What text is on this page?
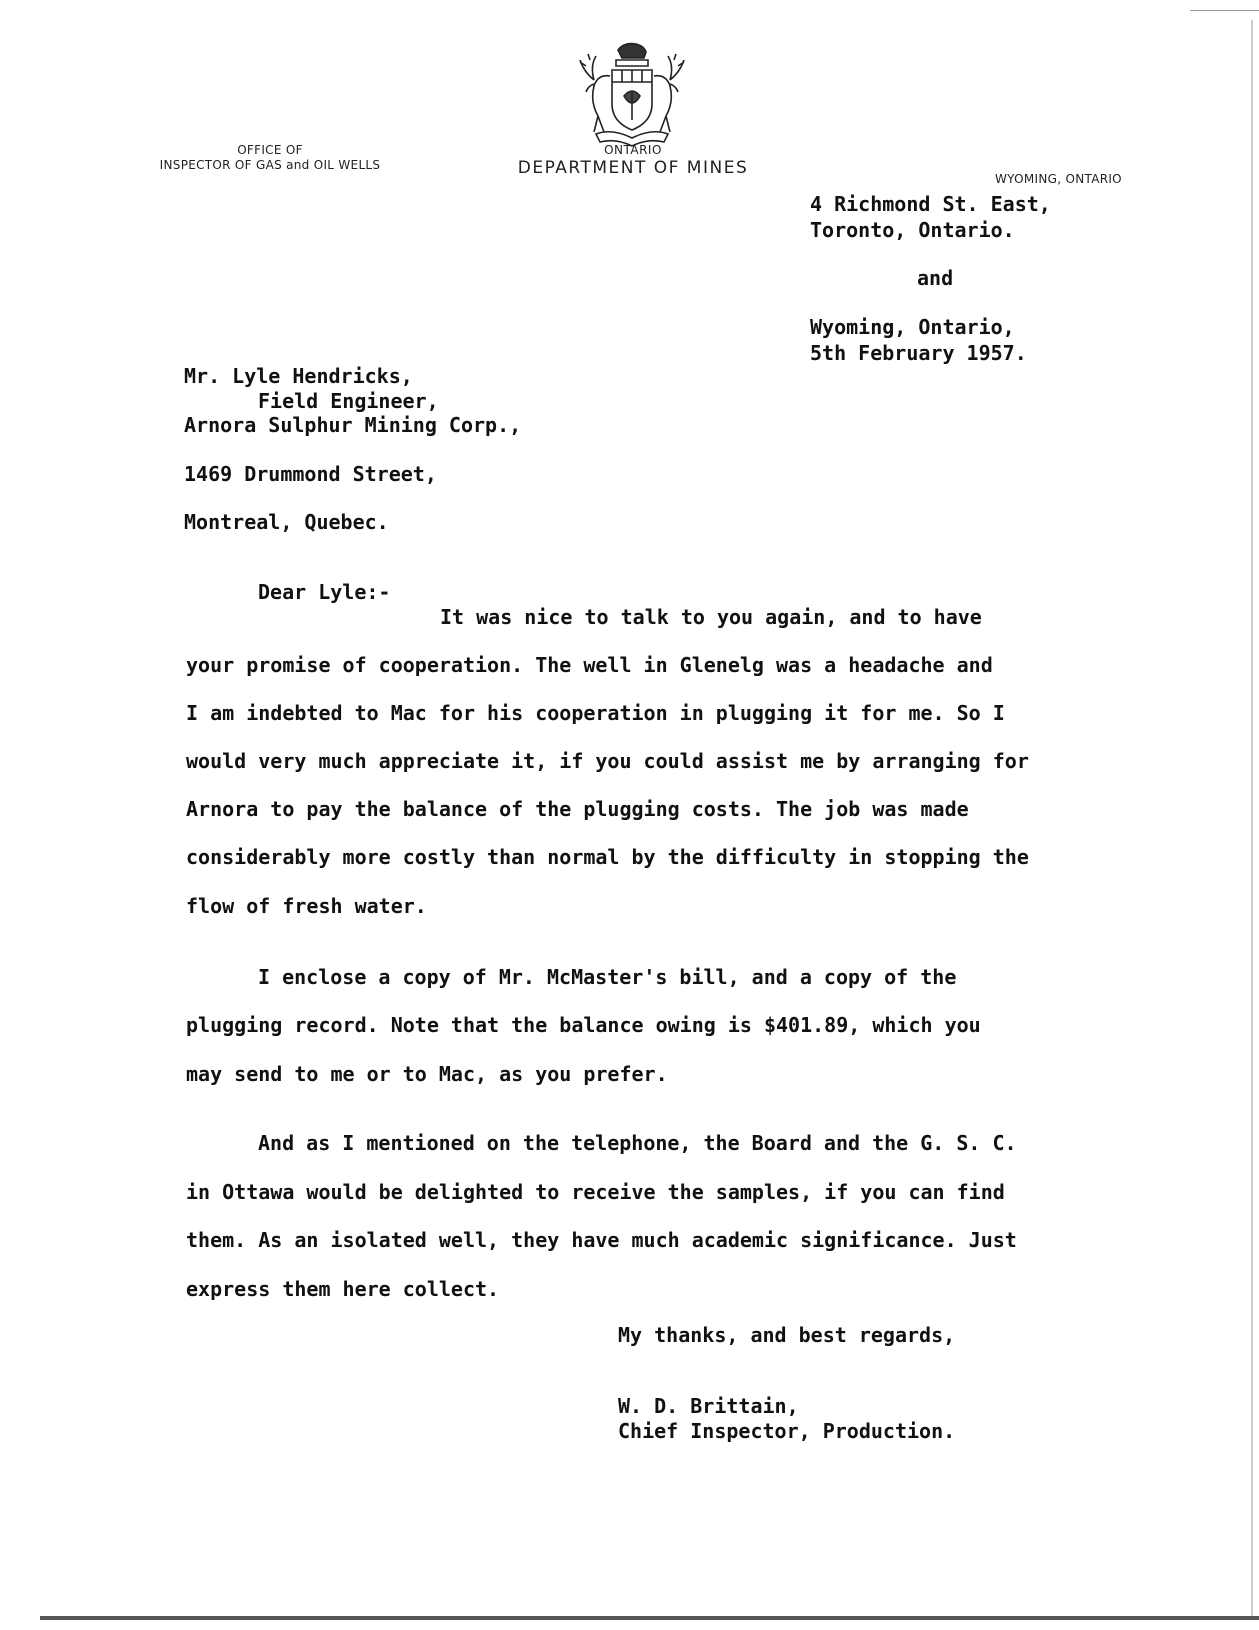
OFFICE OF
INSPECTOR OF GAS and OIL WELLS
ONTARIO
DEPARTMENT OF MINES
WYOMING, ONTARIO
4 Richmond St. East,
Toronto, Ontario.
and
Wyoming, Ontario,
5th February 1957.
Mr. Lyle Hendricks,
Field Engineer,
Arnora Sulphur Mining Corp.,
1469 Drummond Street,
Montreal, Quebec.
Dear Lyle:-
It was nice to talk to you again, and to have
your promise of cooperation. The well in Glenelg was a headache and
I am indebted to Mac for his cooperation in plugging it for me. So I
would very much appreciate it, if you could assist me by arranging for
Arnora to pay the balance of the plugging costs. The job was made
considerably more costly than normal by the difficulty in stopping the
flow of fresh water.
I enclose a copy of Mr. McMaster's bill, and a copy of the
plugging record. Note that the balance owing is $401.89, which you
may send to me or to Mac, as you prefer.
And as I mentioned on the telephone, the Board and the G. S. C.
in Ottawa would be delighted to receive the samples, if you can find
them. As an isolated well, they have much academic significance. Just
express them here collect.
My thanks, and best regards,
W. D. Brittain,
Chief Inspector, Production.
